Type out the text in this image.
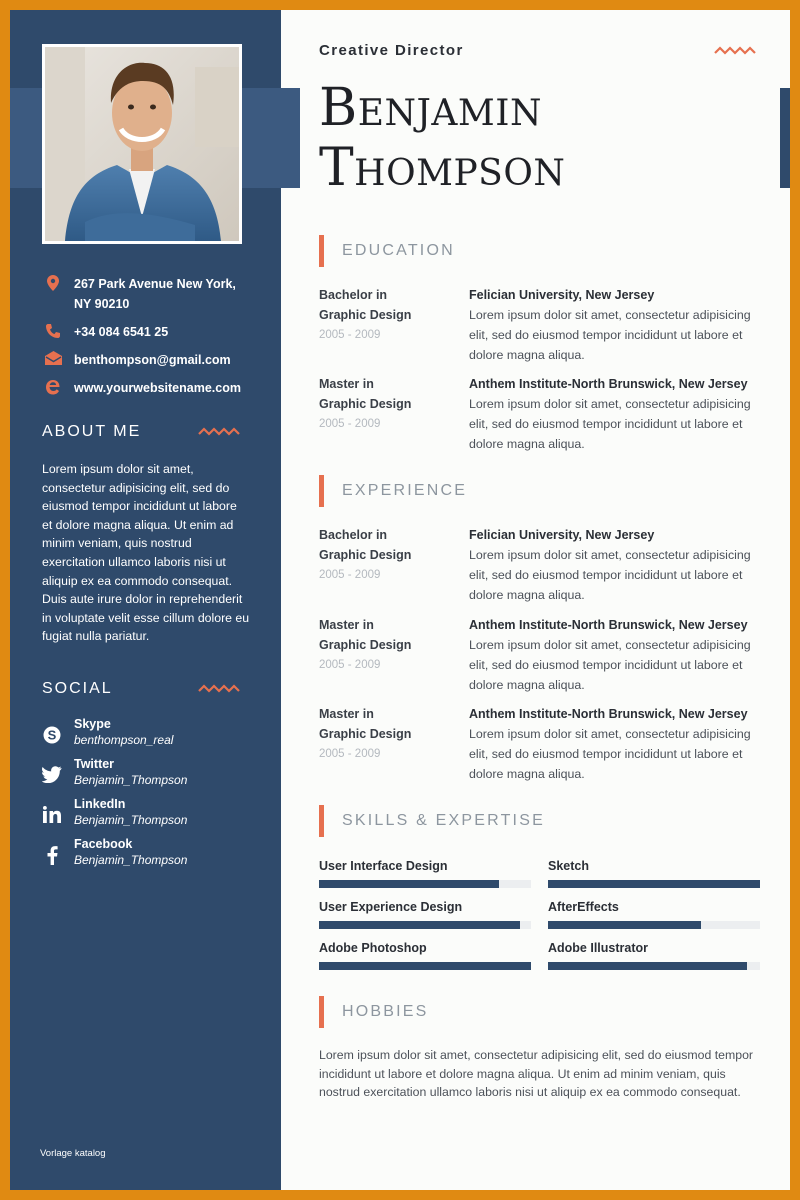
267 Park Avenue New York,
NY 90210
+34 084 6541 25
benthompson@gmail.com
www.yourwebsitename.com
ABOUT ME

Lorem ipsum dolor sit amet, consectetur adipisicing elit, sed do eiusmod tempor incididunt ut labore et dolore magna aliqua. Ut enim ad minim veniam, quis nostrud exercitation ullamco laboris nisi ut aliquip ex ea commodo consequat. Duis aute irure dolor in reprehenderit in voluptate velit esse cillum dolore eu fugiat nulla pariatur.

SOCIAL
S
Skype
benthompson_real
Twitter
Benjamin_Thompson
LinkedIn
Benjamin_Thompson
Facebook
Benjamin_Thompson
Vorlage katalog
Creative Director
Benjamin
Thompson
EDUCATION
Bachelor in
Graphic Design
2005 - 2009
Felician University, New Jersey
Lorem ipsum dolor sit amet, consectetur adipisicing elit, sed do eiusmod tempor incididunt ut labore et dolore magna aliqua.
Master in
Graphic Design
2005 - 2009
Anthem Institute-North Brunswick, New Jersey
Lorem ipsum dolor sit amet, consectetur adipisicing elit, sed do eiusmod tempor incididunt ut labore et dolore magna aliqua.
EXPERIENCE
Bachelor in
Graphic Design
2005 - 2009
Felician University, New Jersey
Lorem ipsum dolor sit amet, consectetur adipisicing elit, sed do eiusmod tempor incididunt ut labore et dolore magna aliqua.
Master in
Graphic Design
2005 - 2009
Anthem Institute-North Brunswick, New Jersey
Lorem ipsum dolor sit amet, consectetur adipisicing elit, sed do eiusmod tempor incididunt ut labore et dolore magna aliqua.
Master in
Graphic Design
2005 - 2009
Anthem Institute-North Brunswick, New Jersey
Lorem ipsum dolor sit amet, consectetur adipisicing elit, sed do eiusmod tempor incididunt ut labore et dolore magna aliqua.
SKILLS & EXPERTISE
User Interface Design	Sketch
User Experience Design	AfterEffects
Adobe Photoshop	Adobe Illustrator
HOBBIES

Lorem ipsum dolor sit amet, consectetur adipisicing elit, sed do eiusmod tempor incididunt ut labore et dolore magna aliqua. Ut enim ad minim veniam, quis nostrud exercitation ullamco laboris nisi ut aliquip ex ea commodo consequat.
